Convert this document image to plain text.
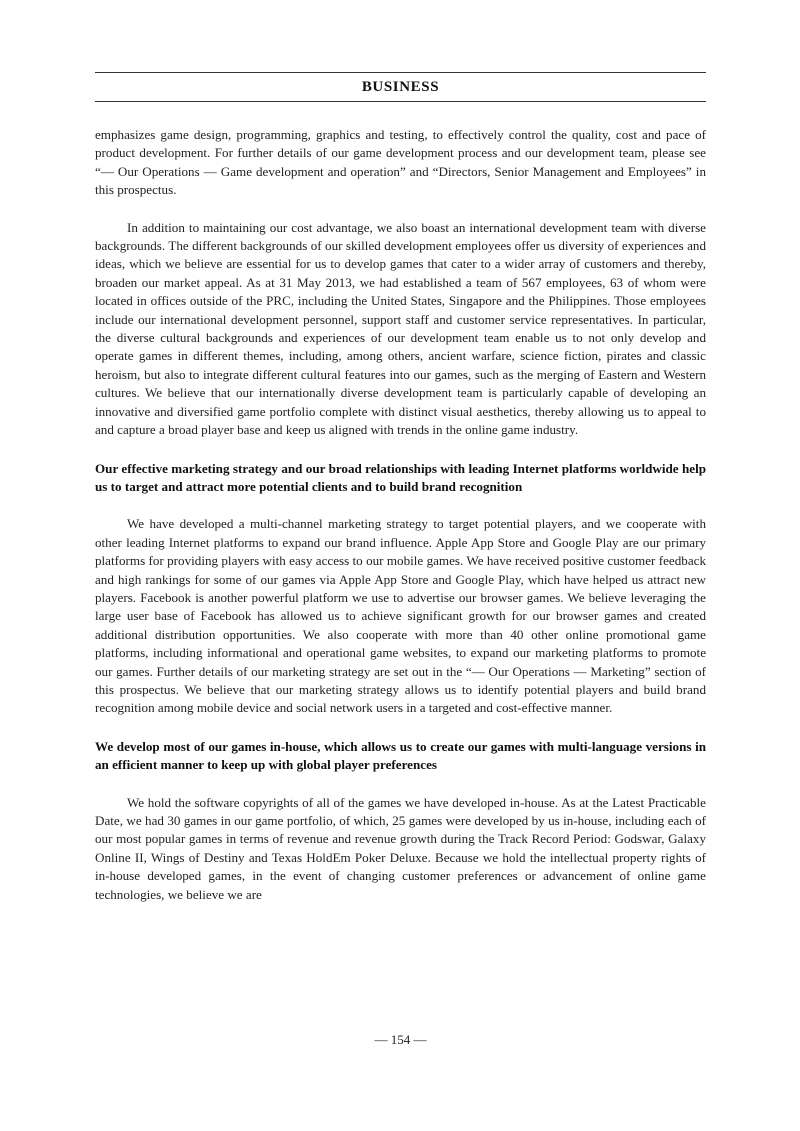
BUSINESS

emphasizes game design, programming, graphics and testing, to effectively control the quality, cost and pace of product development. For further details of our game development process and our development team, please see “— Our Operations — Game development and operation” and “Directors, Senior Management and Employees” in this prospectus.

In addition to maintaining our cost advantage, we also boast an international development team with diverse backgrounds. The different backgrounds of our skilled development employees offer us diversity of experiences and ideas, which we believe are essential for us to develop games that cater to a wider array of customers and thereby, broaden our market appeal. As at 31 May 2013, we had established a team of 567 employees, 63 of whom were located in offices outside of the PRC, including the United States, Singapore and the Philippines. Those employees include our international development personnel, support staff and customer service representatives. In particular, the diverse cultural backgrounds and experiences of our development team enable us to not only develop and operate games in different themes, including, among others, ancient warfare, science fiction, pirates and classic heroism, but also to integrate different cultural features into our games, such as the merging of Eastern and Western cultures. We believe that our internationally diverse development team is particularly capable of developing an innovative and diversified game portfolio complete with distinct visual aesthetics, thereby allowing us to appeal to and capture a broad player base and keep us aligned with trends in the online game industry.

Our effective marketing strategy and our broad relationships with leading Internet platforms worldwide help us to target and attract more potential clients and to build brand recognition

We have developed a multi-channel marketing strategy to target potential players, and we cooperate with other leading Internet platforms to expand our brand influence. Apple App Store and Google Play are our primary platforms for providing players with easy access to our mobile games. We have received positive customer feedback and high rankings for some of our games via Apple App Store and Google Play, which have helped us attract new players. Facebook is another powerful platform we use to advertise our browser games. We believe leveraging the large user base of Facebook has allowed us to achieve significant growth for our browser games and created additional distribution opportunities. We also cooperate with more than 40 other online promotional game platforms, including informational and operational game websites, to expand our marketing platforms to promote our games. Further details of our marketing strategy are set out in the “— Our Operations — Marketing” section of this prospectus. We believe that our marketing strategy allows us to identify potential players and build brand recognition among mobile device and social network users in a targeted and cost-effective manner.

We develop most of our games in-house, which allows us to create our games with multi-language versions in an efficient manner to keep up with global player preferences

We hold the software copyrights of all of the games we have developed in-house. As at the Latest Practicable Date, we had 30 games in our game portfolio, of which, 25 games were developed by us in-house, including each of our most popular games in terms of revenue and revenue growth during the Track Record Period: Godswar, Galaxy Online II, Wings of Destiny and Texas HoldEm Poker Deluxe. Because we hold the intellectual property rights of in-house developed games, in the event of changing customer preferences or advancement of online game technologies, we believe we are

— 154 —
